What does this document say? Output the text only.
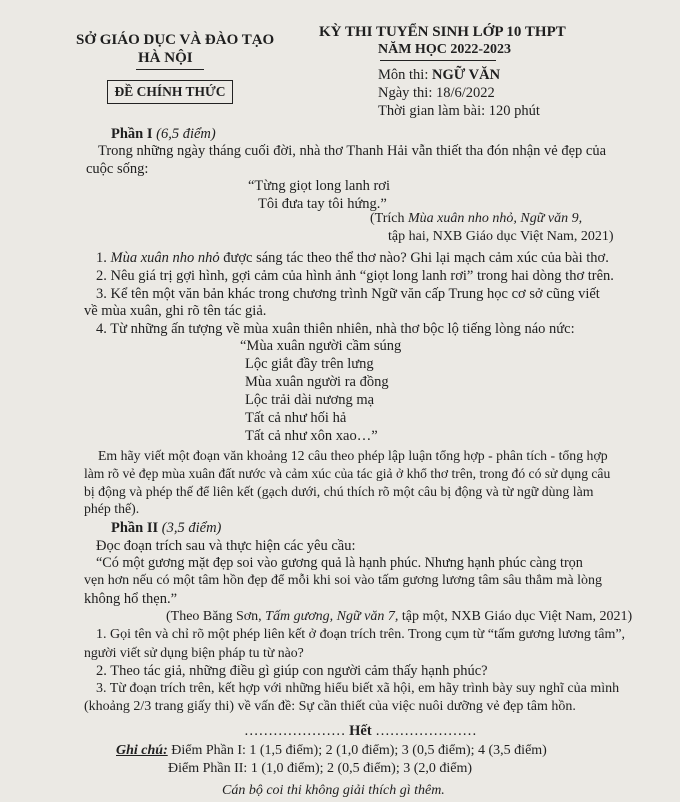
SỞ GIÁO DỤC VÀ ĐÀO TẠO
HÀ NỘI
ĐỀ CHÍNH THỨC
KỲ THI TUYỂN SINH LỚP 10 THPT
NĂM HỌC 2022-2023
Môn thi: NGỮ VĂN
Ngày thi: 18/6/2022
Thời gian làm bài: 120 phút
Phần I (6,5 điểm)
Trong những ngày tháng cuối đời, nhà thơ Thanh Hải vẫn thiết tha đón nhận vẻ đẹp của
cuộc sống:
“Từng giọt long lanh rơi
Tôi đưa tay tôi hứng.”
(Trích Mùa xuân nho nhỏ, Ngữ văn 9,
tập hai, NXB Giáo dục Việt Nam, 2021)
1. Mùa xuân nho nhỏ được sáng tác theo thể thơ nào? Ghi lại mạch cảm xúc của bài thơ.
2. Nêu giá trị gợi hình, gợi cảm của hình ảnh “giọt long lanh rơi” trong hai dòng thơ trên.
3. Kể tên một văn bản khác trong chương trình Ngữ văn cấp Trung học cơ sở cũng viết
về mùa xuân, ghi rõ tên tác giả.
4. Từ những ấn tượng về mùa xuân thiên nhiên, nhà thơ bộc lộ tiếng lòng náo nức:
“Mùa xuân người cầm súng
Lộc giắt đầy trên lưng
Mùa xuân người ra đồng
Lộc trải dài nương mạ
Tất cả như hối hả
Tất cả như xôn xao…”
Em hãy viết một đoạn văn khoảng 12 câu theo phép lập luận tổng hợp - phân tích - tổng hợp
làm rõ vẻ đẹp mùa xuân đất nước và cảm xúc của tác giả ở khổ thơ trên, trong đó có sử dụng câu
bị động và phép thế để liên kết (gạch dưới, chú thích rõ một câu bị động và từ ngữ dùng làm
phép thế).
Phần II (3,5 điểm)
Đọc đoạn trích sau và thực hiện các yêu cầu:
“Có một gương mặt đẹp soi vào gương quả là hạnh phúc. Nhưng hạnh phúc càng trọn
vẹn hơn nếu có một tâm hồn đẹp để mỗi khi soi vào tấm gương lương tâm sâu thẳm mà lòng
không hổ thẹn.”
(Theo Băng Sơn, Tấm gương, Ngữ văn 7, tập một, NXB Giáo dục Việt Nam, 2021)
1. Gọi tên và chỉ rõ một phép liên kết ở đoạn trích trên. Trong cụm từ “tấm gương lương tâm”,
người viết sử dụng biện pháp tu từ nào?
2. Theo tác giả, những điều gì giúp con người cảm thấy hạnh phúc?
3. Từ đoạn trích trên, kết hợp với những hiểu biết xã hội, em hãy trình bày suy nghĩ của mình
(khoảng 2/3 trang giấy thi) về vấn đề: Sự cần thiết của việc nuôi dưỡng vẻ đẹp tâm hồn.
………………… Hết …………………
Ghi chú: Điểm Phần I: 1 (1,5 điểm); 2 (1,0 điểm); 3 (0,5 điểm); 4 (3,5 điểm)
Điểm Phần II: 1 (1,0 điểm); 2 (0,5 điểm); 3 (2,0 điểm)
Cán bộ coi thi không giải thích gì thêm.
